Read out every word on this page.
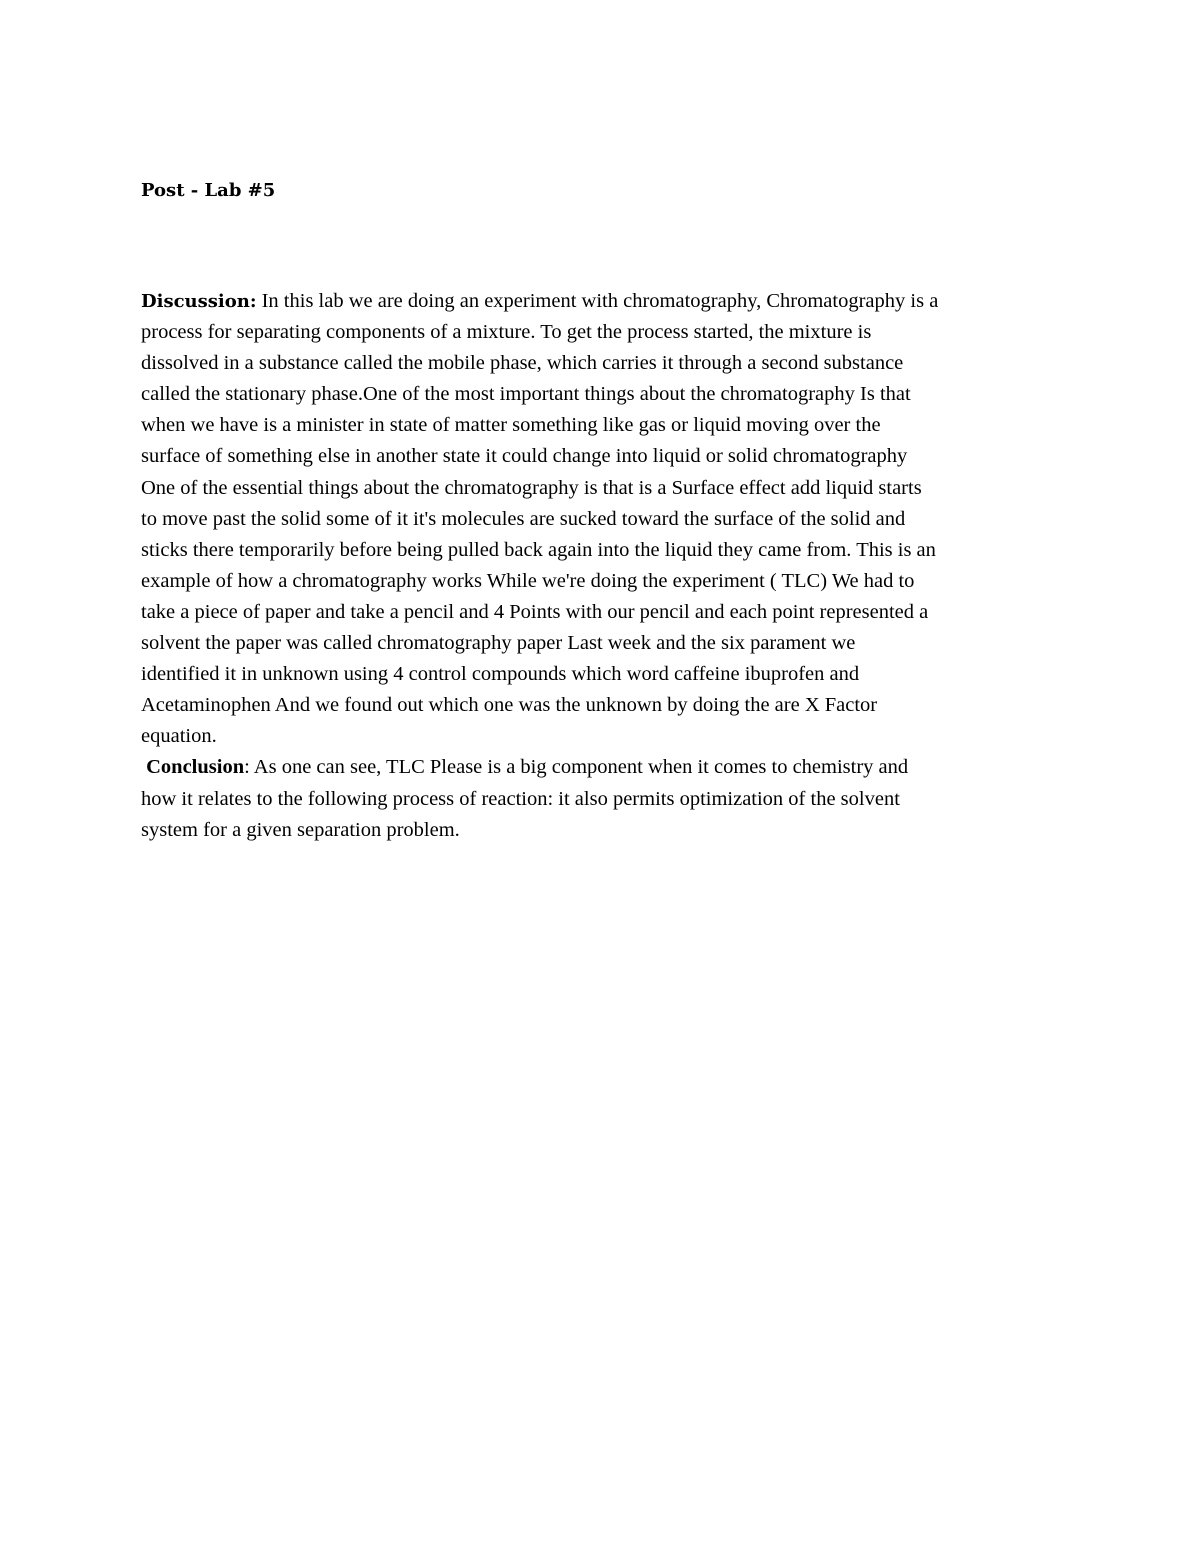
Post - Lab #5
Discussion: In this lab we are doing an experiment with chromatography, Chromatography is a
process for separating components of a mixture. To get the process started, the mixture is
dissolved in a substance called the mobile phase, which carries it through a second substance
called the stationary phase.One of the most important things about the chromatography Is that
when we have is a minister in state of matter something like gas or liquid moving over the
surface of something else in another state it could change into liquid or solid chromatography
One of the essential things about the chromatography is that is a Surface effect add liquid starts
to move past the solid some of it it's molecules are sucked toward the surface of the solid and
sticks there temporarily before being pulled back again into the liquid they came from. This is an
example of how a chromatography works While we're doing the experiment ( TLC) We had to
take a piece of paper and take a pencil and 4 Points with our pencil and each point represented a
solvent the paper was called chromatography paper Last week and the six parament we
identified it in unknown using 4 control compounds which word caffeine ibuprofen and
Acetaminophen And we found out which one was the unknown by doing the are X Factor
equation.
Conclusion: As one can see, TLC Please is a big component when it comes to chemistry and
how it relates to the following process of reaction: it also permits optimization of the solvent
system for a given separation problem.
